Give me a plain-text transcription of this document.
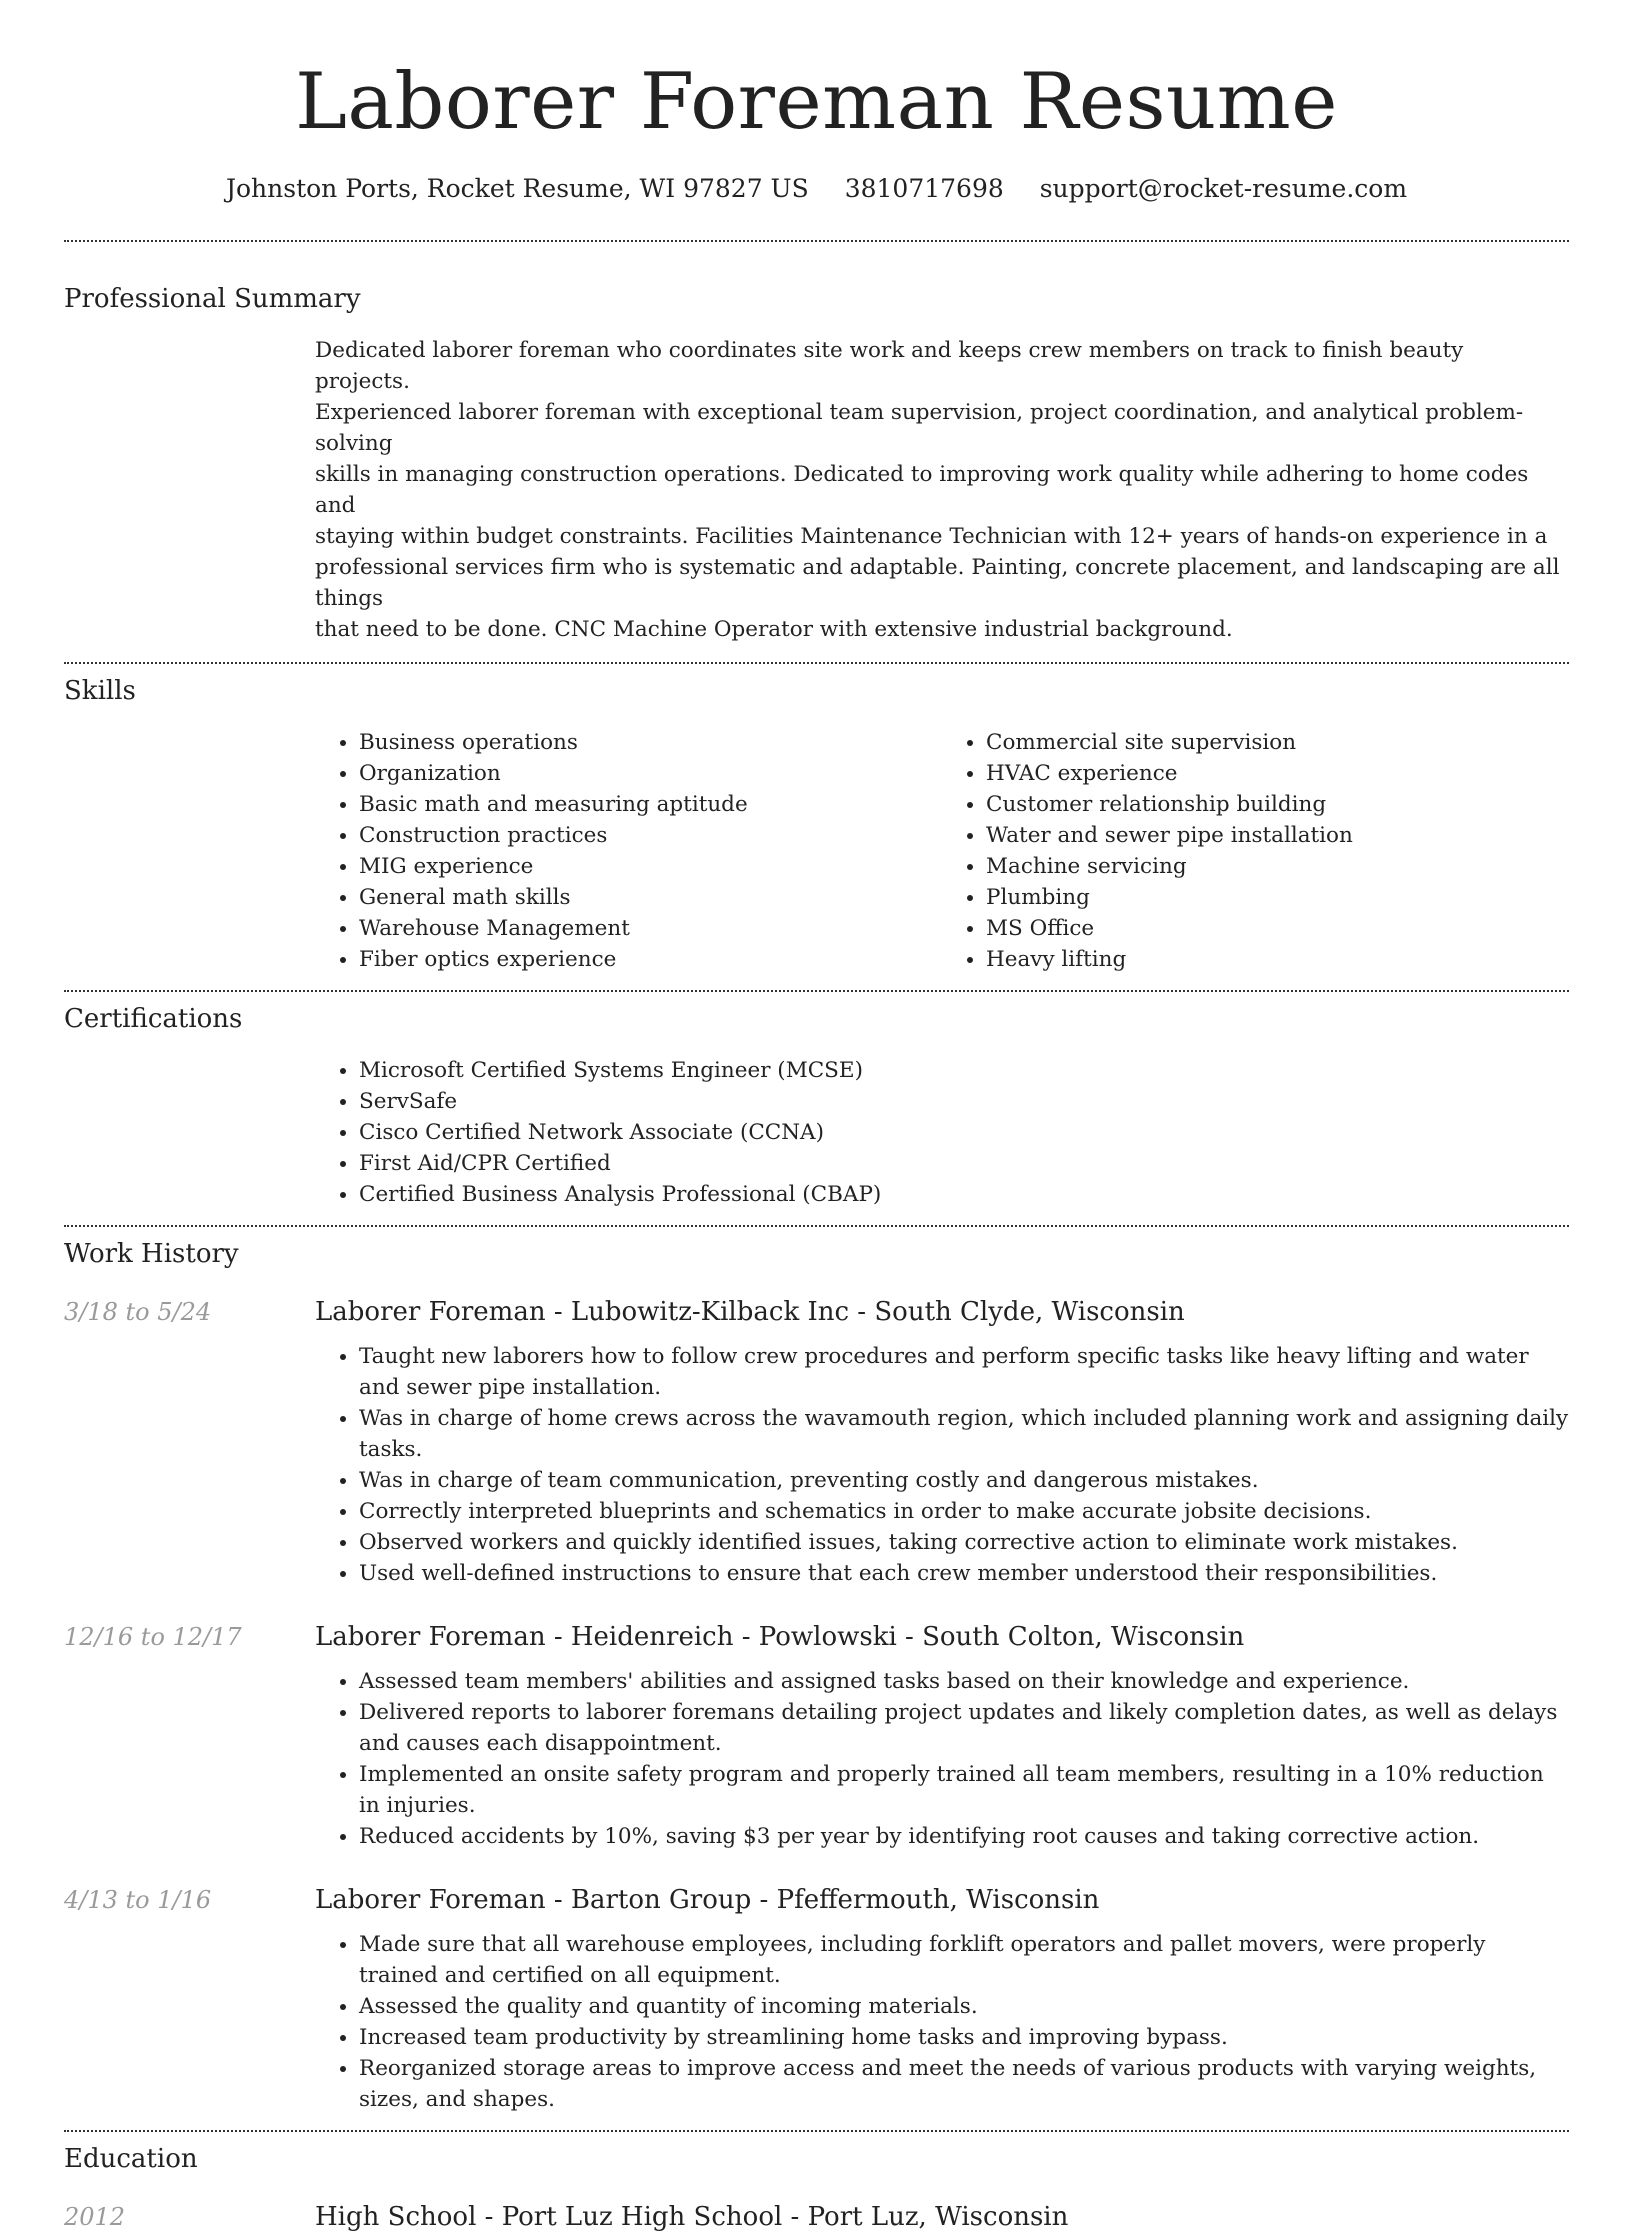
Laborer Foreman Resume
Johnston Ports, Rocket Resume, WI 97827 US 3810717698 support@rocket-resume.com
Professional Summary
Dedicated laborer foreman who coordinates site work and keeps crew members on track to finish beauty projects.
Experienced laborer foreman with exceptional team supervision, project coordination, and analytical problem-solving
skills in managing construction operations. Dedicated to improving work quality while adhering to home codes and
staying within budget constraints. Facilities Maintenance Technician with 12+ years of hands-on experience in a
professional services firm who is systematic and adaptable. Painting, concrete placement, and landscaping are all things
that need to be done. CNC Machine Operator with extensive industrial background.
Skills
• Business operations
• Organization
• Basic math and measuring aptitude
• Construction practices
• MIG experience
• General math skills
• Warehouse Management
• Fiber optics experience
• Commercial site supervision
• HVAC experience
• Customer relationship building
• Water and sewer pipe installation
• Machine servicing
• Plumbing
• MS Office
• Heavy lifting
Certifications
• Microsoft Certified Systems Engineer (MCSE)
• ServSafe
• Cisco Certified Network Associate (CCNA)
• First Aid/CPR Certified
• Certified Business Analysis Professional (CBAP)
Work History
3/18 to 5/24	Laborer Foreman - Lubowitz-Kilback Inc - South Clyde, Wisconsin
• Taught new laborers how to follow crew procedures and perform specific tasks like heavy lifting and water and sewer pipe installation.
• Was in charge of home crews across the wavamouth region, which included planning work and assigning daily tasks.
• Was in charge of team communication, preventing costly and dangerous mistakes.
• Correctly interpreted blueprints and schematics in order to make accurate jobsite decisions.
• Observed workers and quickly identified issues, taking corrective action to eliminate work mistakes.
• Used well-defined instructions to ensure that each crew member understood their responsibilities.
12/16 to 12/17	Laborer Foreman - Heidenreich - Powlowski - South Colton, Wisconsin
• Assessed team members' abilities and assigned tasks based on their knowledge and experience.
• Delivered reports to laborer foremans detailing project updates and likely completion dates, as well as delays and causes each disappointment.
• Implemented an onsite safety program and properly trained all team members, resulting in a 10% reduction in injuries.
• Reduced accidents by 10%, saving $3 per year by identifying root causes and taking corrective action.
4/13 to 1/16	Laborer Foreman - Barton Group - Pfeffermouth, Wisconsin
• Made sure that all warehouse employees, including forklift operators and pallet movers, were properly trained and certified on all equipment.
• Assessed the quality and quantity of incoming materials.
• Increased team productivity by streamlining home tasks and improving bypass.
• Reorganized storage areas to improve access and meet the needs of various products with varying weights, sizes, and shapes.
Education
2012	High School - Port Luz High School - Port Luz, Wisconsin
